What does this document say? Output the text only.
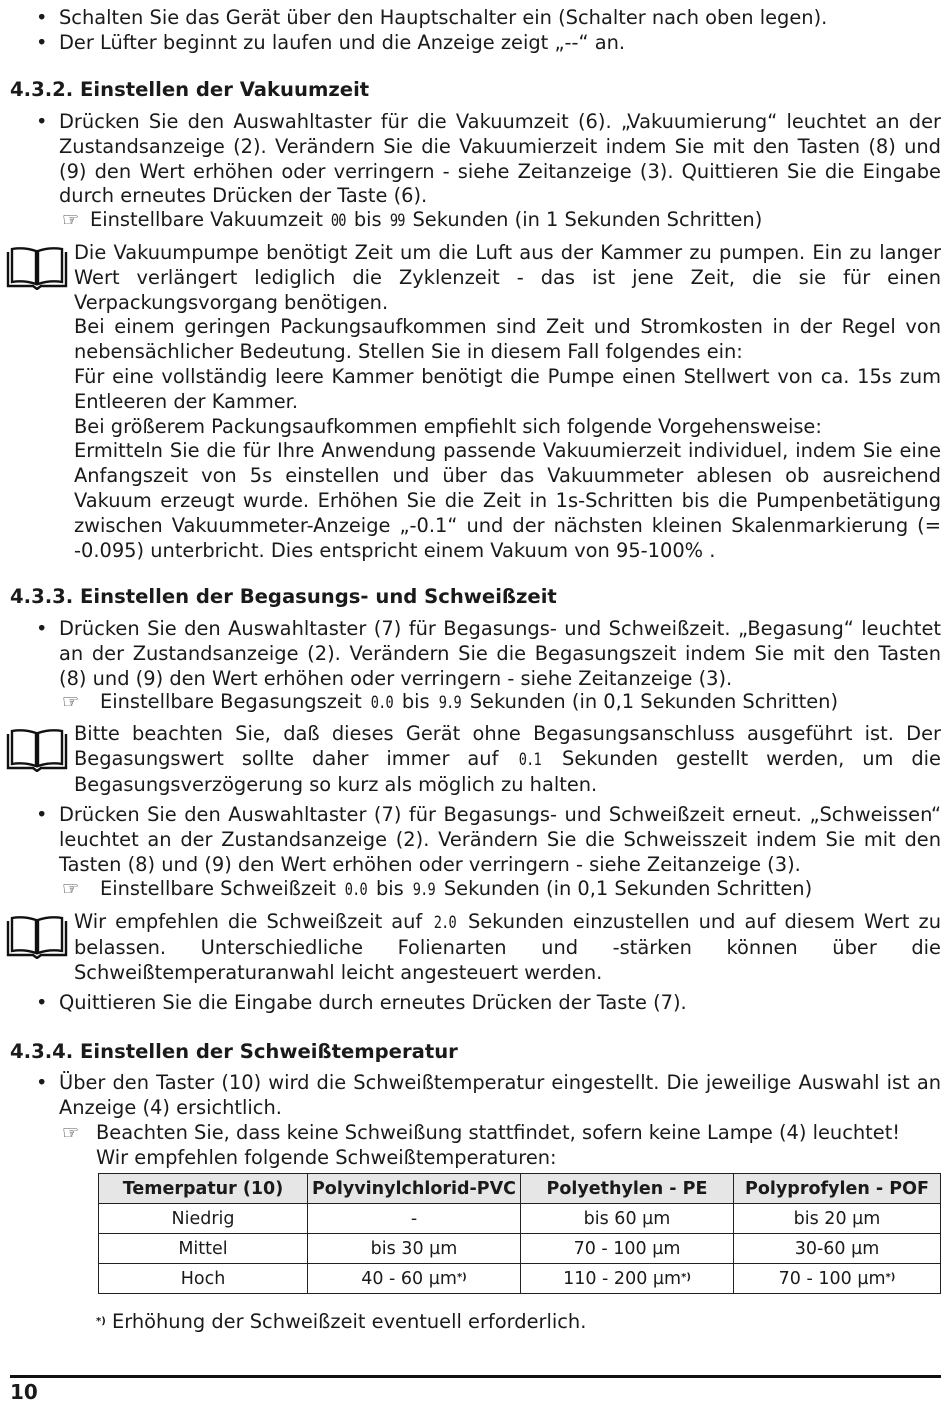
• Schalten Sie das Gerät über den Hauptschalter ein (Schalter nach oben legen).
• Der Lüfter beginnt zu laufen und die Anzeige zeigt „--“ an.
4.3.2. Einstellen der Vakuumzeit
• Drücken Sie den Auswahltaster für die Vakuumzeit (6). „Vakuumierung“ leuchtet an der Zustandsanzeige (2). Verändern Sie die Vakuumierzeit indem Sie mit den Tasten (8) und (9) den Wert erhöhen oder verringern - siehe Zeitanzeige (3). Quittieren Sie die Eingabe durch erneutes Drücken der Taste (6).
☞ Einstellbare Vakuumzeit 00 bis 99 Sekunden (in 1 Sekunden Schritten)
Die Vakuumpumpe benötigt Zeit um die Luft aus der Kammer zu pumpen. Ein zu langer Wert verlängert lediglich die Zyklenzeit - das ist jene Zeit, die sie für einen Verpackungsvorgang benötigen.
Bei einem geringen Packungsaufkommen sind Zeit und Stromkosten in der Regel von nebensächlicher Bedeutung. Stellen Sie in diesem Fall folgendes ein:
Für eine vollständig leere Kammer benötigt die Pumpe einen Stellwert von ca. 15s zum Entleeren der Kammer.
Bei größerem Packungsaufkommen empfiehlt sich folgende Vorgehensweise:
Ermitteln Sie die für Ihre Anwendung passende Vakuumierzeit individuel, indem Sie eine Anfangszeit von 5s einstellen und über das Vakuummeter ablesen ob ausreichend Vakuum erzeugt wurde. Erhöhen Sie die Zeit in 1s-Schritten bis die Pumpenbetätigung zwischen Vakuummeter-Anzeige „-0.1“ und der nächsten kleinen Skalenmarkierung (= -0.095) unterbricht. Dies entspricht einem Vakuum von 95-100% .
4.3.3. Einstellen der Begasungs- und Schweißzeit
• Drücken Sie den Auswahltaster (7) für Begasungs- und Schweißzeit. „Begasung“ leuchtet an der Zustandsanzeige (2). Verändern Sie die Begasungszeit indem Sie mit den Tasten (8) und (9) den Wert erhöhen oder verringern - siehe Zeitanzeige (3).
☞ Einstellbare Begasungszeit 0.0 bis 9.9 Sekunden (in 0,1 Sekunden Schritten)
Bitte beachten Sie, daß dieses Gerät ohne Begasungsanschluss ausgeführt ist. Der Begasungswert sollte daher immer auf 0.1 Sekunden gestellt werden, um die Begasungsverzögerung so kurz als möglich zu halten.
• Drücken Sie den Auswahltaster (7) für Begasungs- und Schweißzeit erneut. „Schweissen“ leuchtet an der Zustandsanzeige (2). Verändern Sie die Schweisszeit indem Sie mit den Tasten (8) und (9) den Wert erhöhen oder verringern - siehe Zeitanzeige (3).
☞ Einstellbare Schweißzeit 0.0 bis 9.9 Sekunden (in 0,1 Sekunden Schritten)
Wir empfehlen die Schweißzeit auf 2.0 Sekunden einzustellen und auf diesem Wert zu belassen. Unterschiedliche Folienarten und -stärken können über die Schweißtemperaturanwahl leicht angesteuert werden.
• Quittieren Sie die Eingabe durch erneutes Drücken der Taste (7).
4.3.4. Einstellen der Schweißtemperatur
• Über den Taster (10) wird die Schweißtemperatur eingestellt. Die jeweilige Auswahl ist an Anzeige (4) ersichtlich.
☞ Beachten Sie, dass keine Schweißung stattfindet, sofern keine Lampe (4) leuchtet!
Wir empfehlen folgende Schweißtemperaturen:
Temerpatur (10)	Polyvinylchlorid-PVC	Polyethylen - PE	Polyprofylen - POF
Niedrig	-	bis 60 µm	bis 20 µm
Mittel	bis 30 µm	70 - 100 µm	30-60 µm
Hoch	40 - 60 µm*)	110 - 200 µm*)	70 - 100 µm*)
*) Erhöhung der Schweißzeit eventuell erforderlich.
10
